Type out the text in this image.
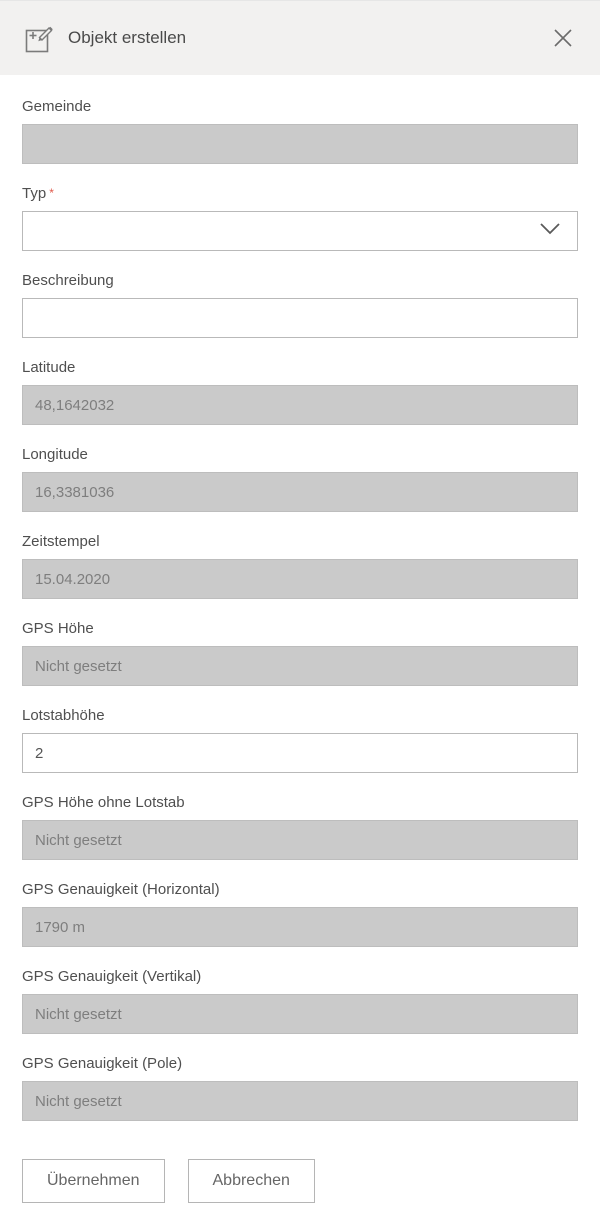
Objekt erstellen
Gemeinde
Typ *
Beschreibung
Latitude
48,1642032
Longitude
16,3381036
Zeitstempel
15.04.2020
GPS Höhe
Nicht gesetzt
Lotstabhöhe
2
GPS Höhe ohne Lotstab
Nicht gesetzt
GPS Genauigkeit (Horizontal)
1790 m
GPS Genauigkeit (Vertikal)
Nicht gesetzt
GPS Genauigkeit (Pole)
Nicht gesetzt
Übernehmen	Abbrechen
